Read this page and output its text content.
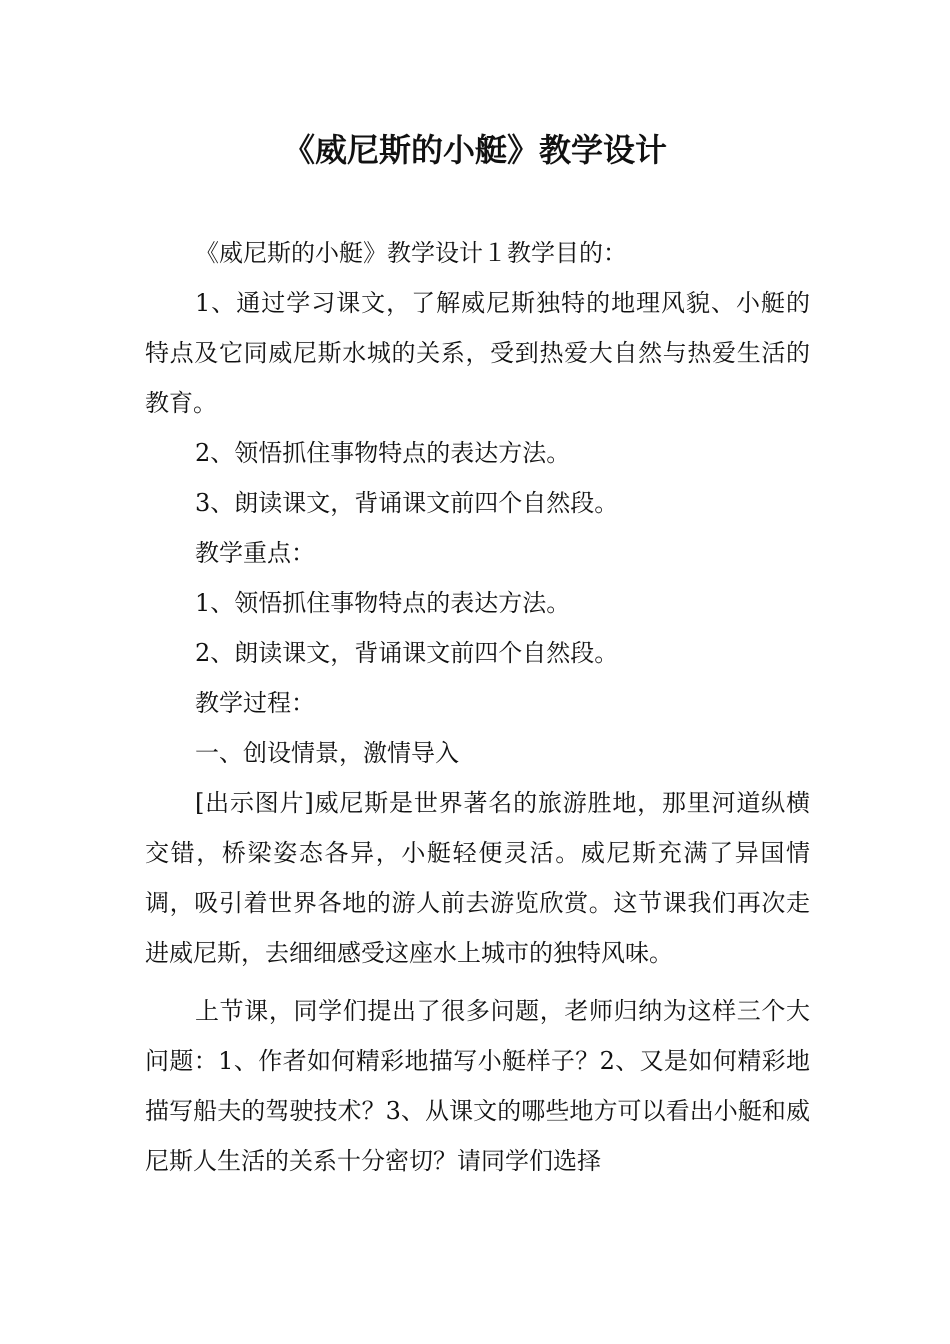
《威尼斯的小艇》教学设计

《威尼斯的小艇》教学设计１教学目的：

1、通过学习课文，了解威尼斯独特的地理风貌、小艇的特点及它同威尼斯水城的关系，受到热爱大自然与热爱生活的教育。

2、领悟抓住事物特点的表达方法。

3、朗读课文，背诵课文前四个自然段。

教学重点：

1、领悟抓住事物特点的表达方法。

2、朗读课文，背诵课文前四个自然段。

教学过程：

一、创设情景，激情导入

[出示图片]威尼斯是世界著名的旅游胜地，那里河道纵横交错，桥梁姿态各异，小艇轻便灵活。威尼斯充满了异国情调，吸引着世界各地的游人前去游览欣赏。这节课我们再次走进威尼斯，去细细感受这座水上城市的独特风味。

上节课，同学们提出了很多问题，老师归纳为这样三个大问题：1、作者如何精彩地描写小艇样子？2、又是如何精彩地描写船夫的驾驶技术？3、从课文的哪些地方可以看出小艇和威尼斯人生活的关系十分密切？请同学们选择
